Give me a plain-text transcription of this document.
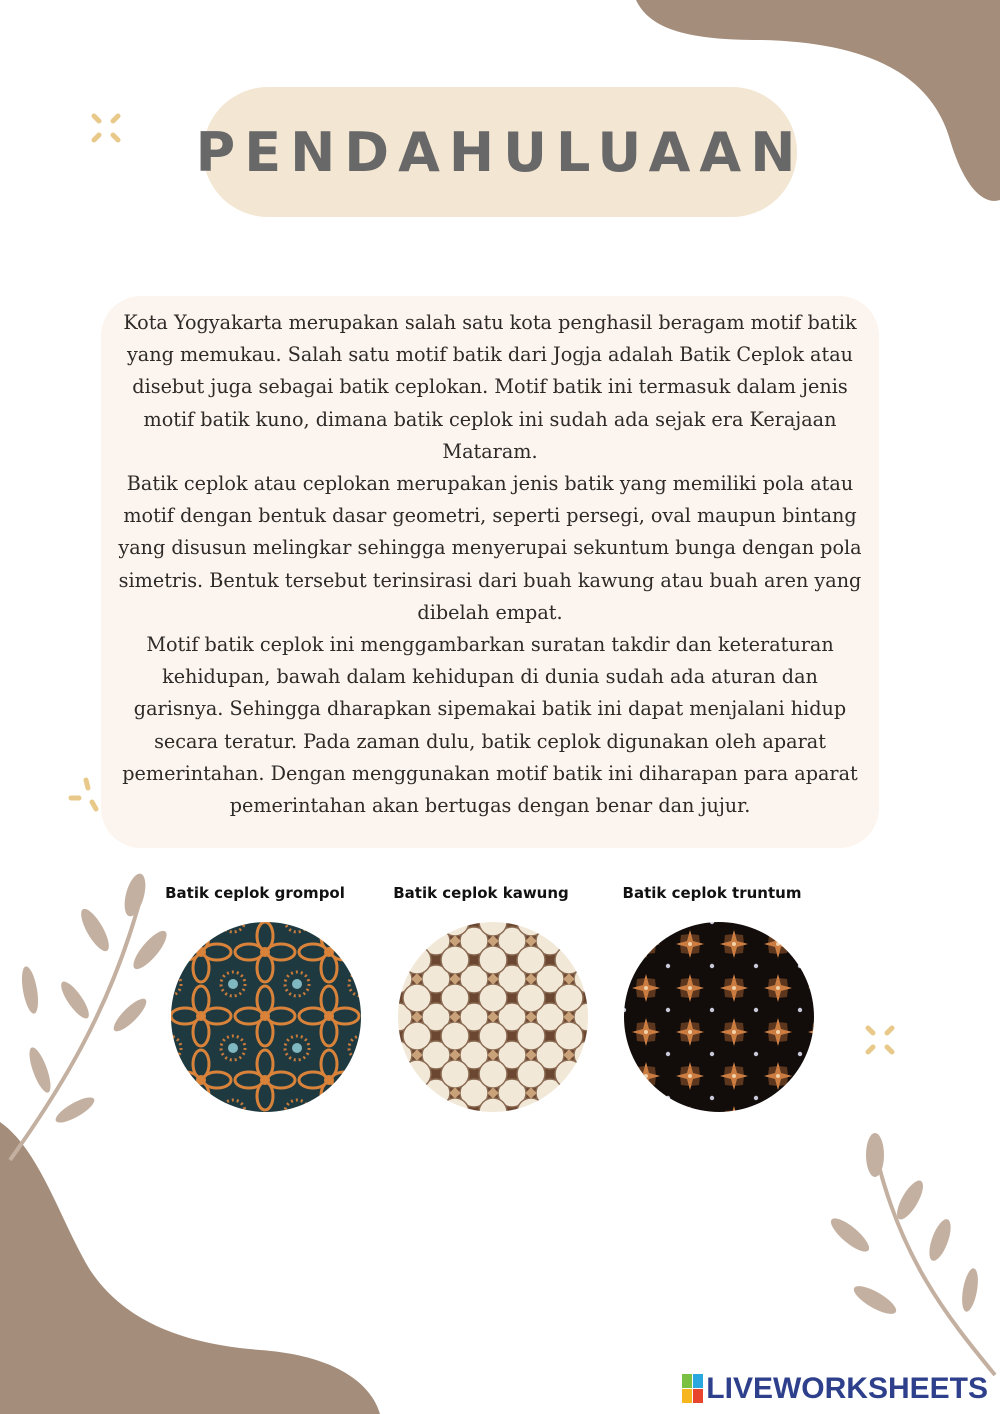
PENDAHULUAAN

Kota Yogyakarta merupakan salah satu kota penghasil beragam motif batik yang memukau. Salah satu motif batik dari Jogja adalah Batik Ceplok atau disebut juga sebagai batik ceplokan. Motif batik ini termasuk dalam jenis motif batik kuno, dimana batik ceplok ini sudah ada sejak era Kerajaan Mataram.

Batik ceplok atau ceplokan merupakan jenis batik yang memiliki pola atau motif dengan bentuk dasar geometri, seperti persegi, oval maupun bintang yang disusun melingkar sehingga menyerupai sekuntum bunga dengan pola simetris. Bentuk tersebut terinsirasi dari buah kawung atau buah aren yang dibelah empat.

Motif batik ceplok ini menggambarkan suratan takdir dan keteraturan kehidupan, bawah dalam kehidupan di dunia sudah ada aturan dan garisnya. Sehingga dharapkan sipemakai batik ini dapat menjalani hidup secara teratur. Pada zaman dulu, batik ceplok digunakan oleh aparat pemerintahan. Dengan menggunakan motif batik ini diharapan para aparat pemerintahan akan bertugas dengan benar dan jujur.

Batik ceplok grompol	Batik ceplok kawung	Batik ceplok truntum
LIVEWORKSHEETS
